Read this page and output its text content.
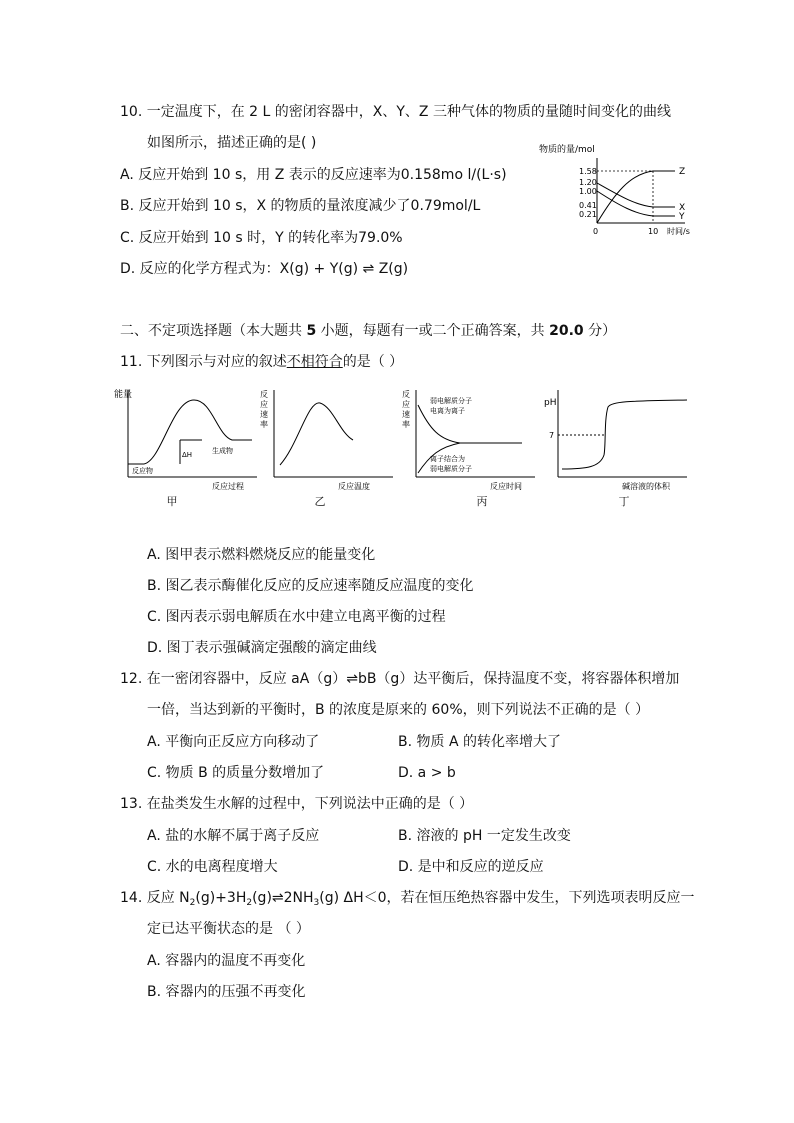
10. 一定温度下，在 2 L 的密闭容器中，X、Y、Z 三种气体的物质的量随时间变化的曲线
如图所示，描述正确的是( )
A. 反应开始到 10 s，用 Z 表示的反应速率为0.158mo l/(L·s)
B. 反应开始到 10 s，X 的物质的量浓度减少了0.79mol/L
C. 反应开始到 10 s 时，Y 的转化率为79.0%
D. 反应的化学方程式为：X(g) + Y(g) ⇌ Z(g)
物质的量/mol
1.58
1.20
1.00
0.41
0.21
Z
X
Y
0	10 时间/s
二、不定项选择题（本大题共 5 小题，每题有一或二个正确答案，共 20.0 分）
11. 下列图示与对应的叙述不相符合的是（ ）
能量
ΔH	生成物
反应物
反应过程
甲
反
应
速
率
反应温度
乙
反
应
速
率
弱电解质分子
电离为离子
离子结合为
弱电解质分子
反应时间
丙
pH
7
碱溶液的体积
丁
A. 图甲表示燃料燃烧反应的能量变化
B. 图乙表示酶催化反应的反应速率随反应温度的变化
C. 图丙表示弱电解质在水中建立电离平衡的过程
D. 图丁表示强碱滴定强酸的滴定曲线
12. 在一密闭容器中，反应 aA（g）⇌bB（g）达平衡后，保持温度不变，将容器体积增加
一倍，当达到新的平衡时，B 的浓度是原来的 60%，则下列说法不正确的是（ ）
A. 平衡向正反应方向移动了	B. 物质 A 的转化率增大了
C. 物质 B 的质量分数增加了	D. a > b
13. 在盐类发生水解的过程中，下列说法中正确的是（ ）
A. 盐的水解不属于离子反应	B. 溶液的 pH 一定发生改变
C. 水的电离程度增大	D. 是中和反应的逆反应
14. 反应 $N_2(g)+3H_2(g)\rightleftharpoons 2NH_3(g)$ ΔH＜0，若在恒压绝热容器中发生，下列选项表明反应一
定已达平衡状态的是 （ ）
A. 容器内的温度不再变化
B. 容器内的压强不再变化
